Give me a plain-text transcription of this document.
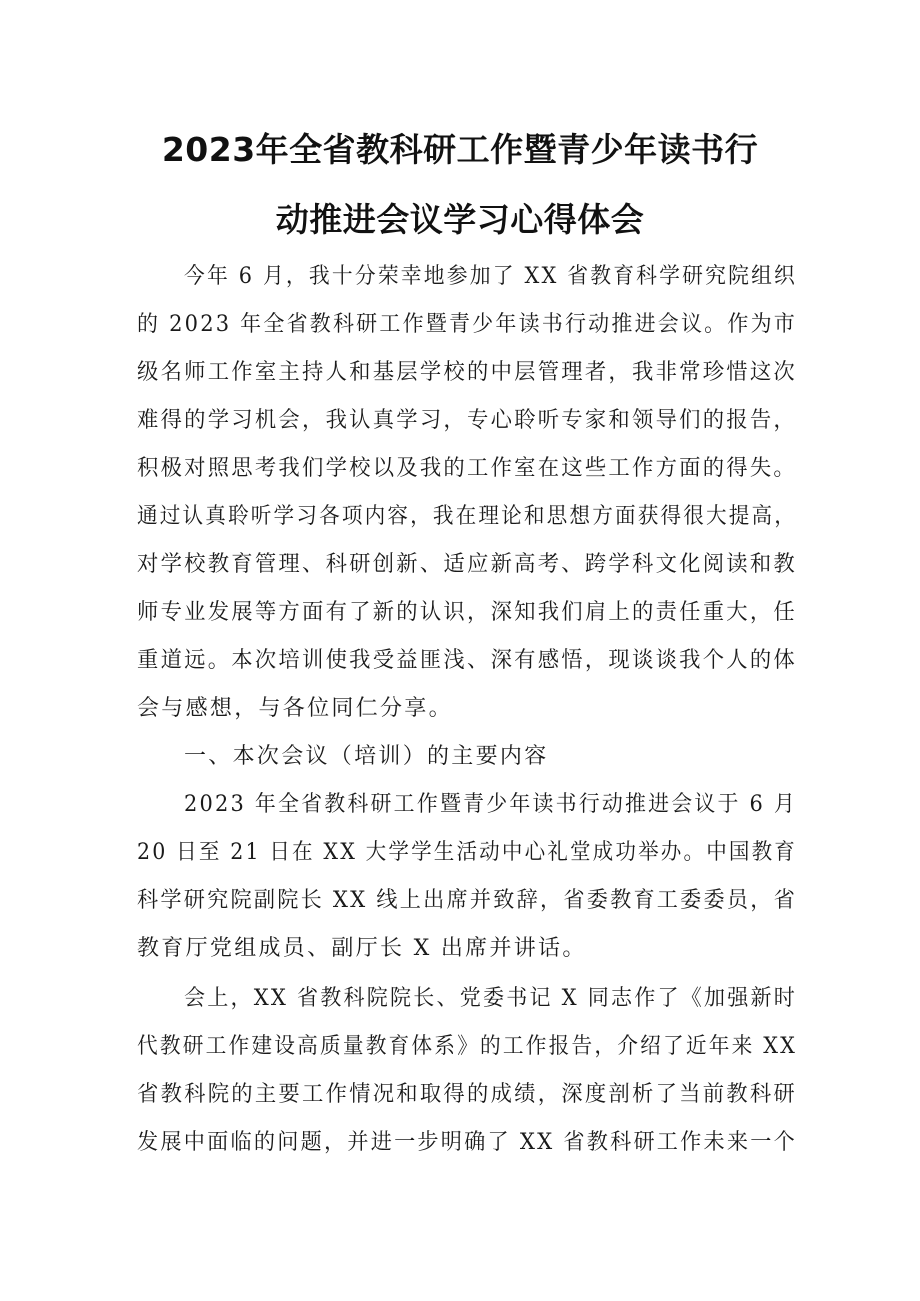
2023年全省教科研工作暨青少年读书行
动推进会议学习心得体会
今年 6 月，我十分荣幸地参加了 XX 省教育科学研究院组织
的 2023 年全省教科研工作暨青少年读书行动推进会议。作为市
级名师工作室主持人和基层学校的中层管理者，我非常珍惜这次
难得的学习机会，我认真学习，专心聆听专家和领导们的报告，
积极对照思考我们学校以及我的工作室在这些工作方面的得失。
通过认真聆听学习各项内容，我在理论和思想方面获得很大提高，
对学校教育管理、科研创新、适应新高考、跨学科文化阅读和教
师专业发展等方面有了新的认识，深知我们肩上的责任重大，任
重道远。本次培训使我受益匪浅、深有感悟，现谈谈我个人的体
会与感想，与各位同仁分享。
一、本次会议（培训）的主要内容
2023 年全省教科研工作暨青少年读书行动推进会议于 6 月
20 日至 21 日在 XX 大学学生活动中心礼堂成功举办。中国教育
科学研究院副院长 XX 线上出席并致辞，省委教育工委委员，省
教育厅党组成员、副厅长 X 出席并讲话。
会上，XX 省教科院院长、党委书记 X 同志作了《加强新时
代教研工作建设高质量教育体系》的工作报告，介绍了近年来 XX
省教科院的主要工作情况和取得的成绩，深度剖析了当前教科研
发展中面临的问题，并进一步明确了 XX 省教科研工作未来一个
